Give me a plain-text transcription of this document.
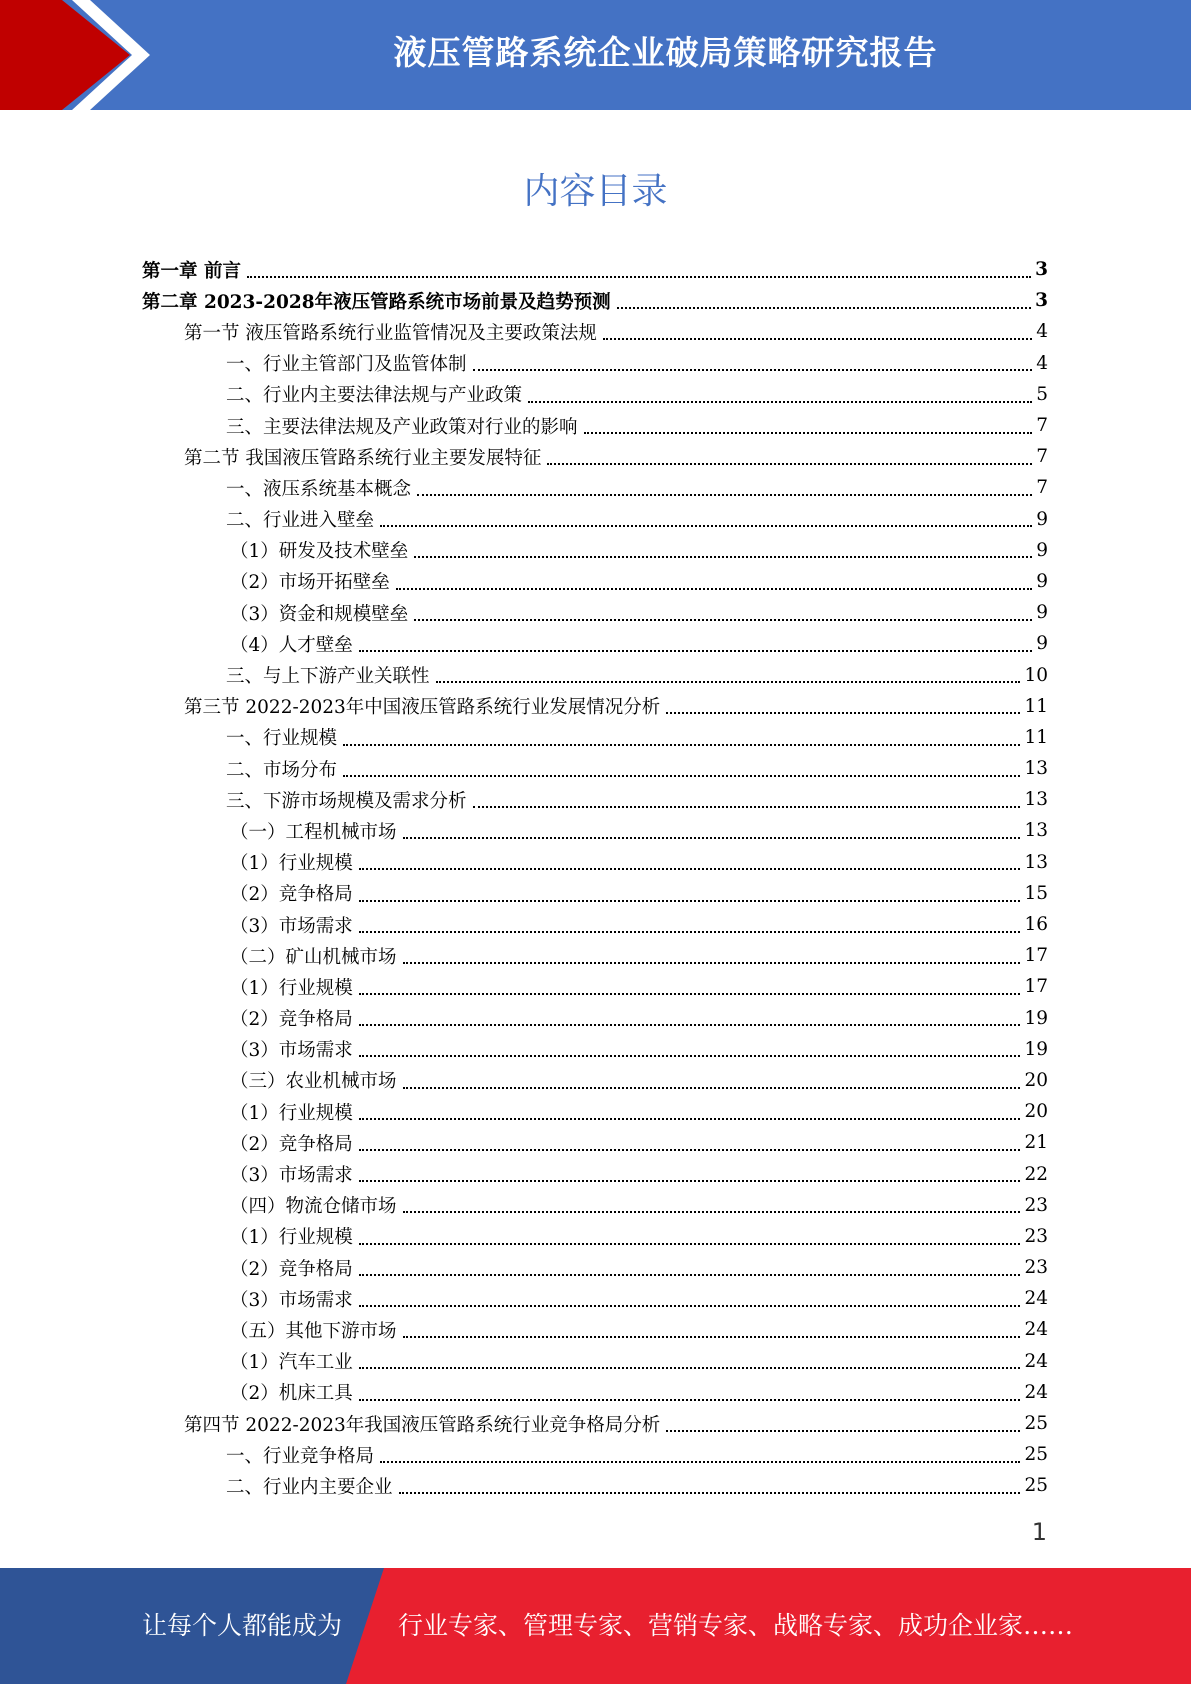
液压管路系统企业破局策略研究报告
内容目录
第一章 前言	3
第二章 2023-2028年液压管路系统市场前景及趋势预测	3
第一节 液压管路系统行业监管情况及主要政策法规	4
一、行业主管部门及监管体制	4
二、行业内主要法律法规与产业政策	5
三、主要法律法规及产业政策对行业的影响	7
第二节 我国液压管路系统行业主要发展特征	7
一、液压系统基本概念	7
二、行业进入壁垒	9
（1）研发及技术壁垒	9
（2）市场开拓壁垒	9
（3）资金和规模壁垒	9
（4）人才壁垒	9
三、与上下游产业关联性	10
第三节 2022-2023年中国液压管路系统行业发展情况分析	11
一、行业规模	11
二、市场分布	13
三、下游市场规模及需求分析	13
（一）工程机械市场	13
（1）行业规模	13
（2）竞争格局	15
（3）市场需求	16
（二）矿山机械市场	17
（1）行业规模	17
（2）竞争格局	19
（3）市场需求	19
（三）农业机械市场	20
（1）行业规模	20
（2）竞争格局	21
（3）市场需求	22
（四）物流仓储市场	23
（1）行业规模	23
（2）竞争格局	23
（3）市场需求	24
（五）其他下游市场	24
（1）汽车工业	24
（2）机床工具	24
第四节 2022-2023年我国液压管路系统行业竞争格局分析	25
一、行业竞争格局	25
二、行业内主要企业	25
1
让每个人都能成为 行业专家、管理专家、营销专家、战略专家、成功企业家……
